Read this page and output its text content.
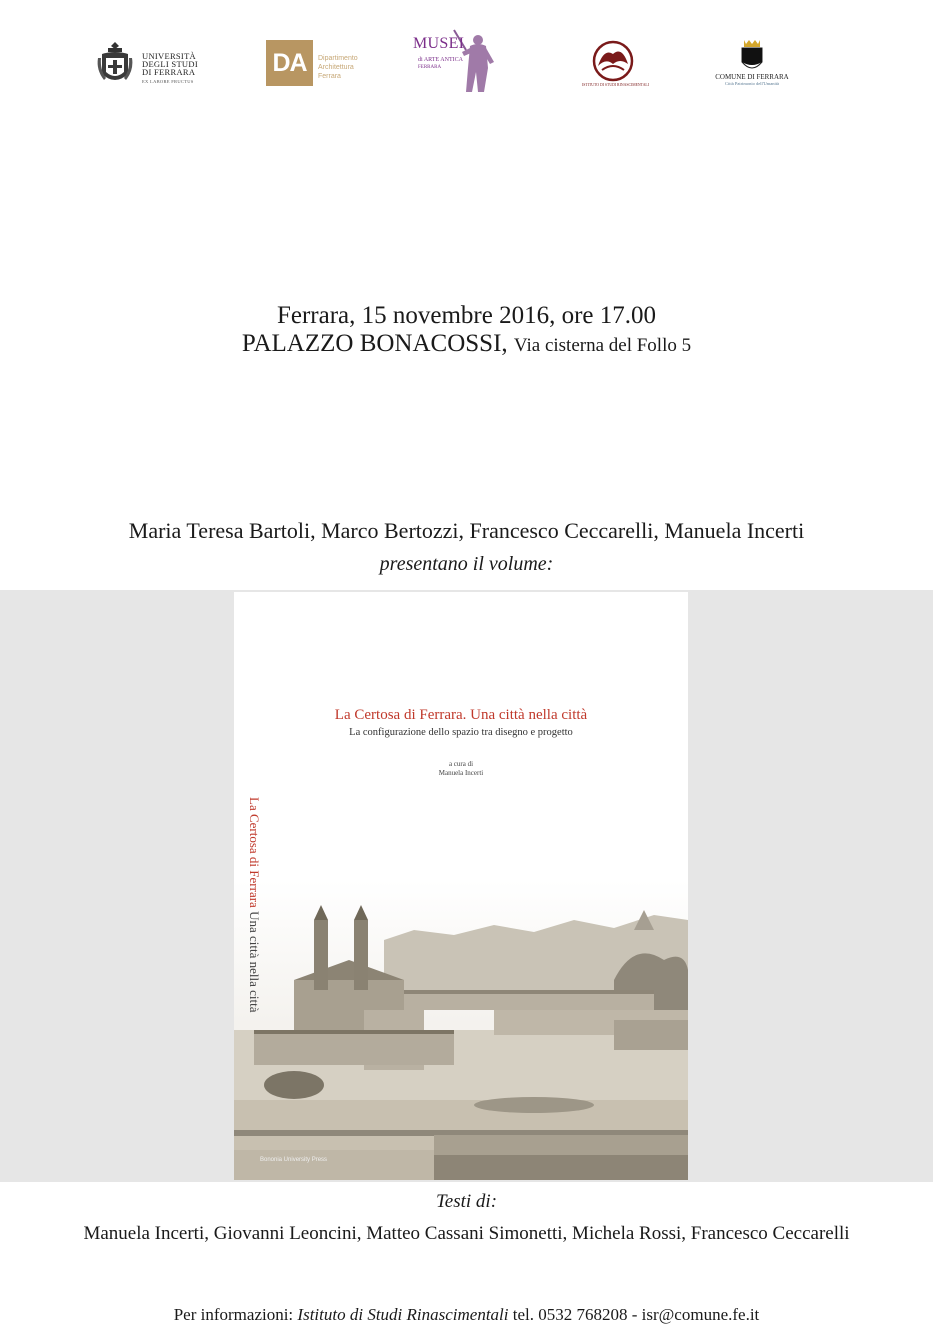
UNIVERSITÀ
DEGLI STUDI
DI FERRARA
EX LABORE FRUCTUS
DA	Dipartimento
Architettura
Ferrara
MUSEI
di ARTE ANTICA
FERRARA
ISTITUTO DI STUDI RINASCIMENTALI
COMUNE DI FERRARA
Città Patrimonio dell'Umanità
Ferrara, 15 novembre 2016, ore 17.00
PALAZZO BONACOSSI, Via cisterna del Follo 5
Maria Teresa Bartoli, Marco Bertozzi, Francesco Ceccarelli, Manuela Incerti
presentano il volume:
La Certosa di Ferrara. Una città nella città
La configurazione dello spazio tra disegno e progetto
a cura di
Manuela Incerti
La Certosa di Ferrara Una città nella città
Bononia University Press
Testi di:
Manuela Incerti, Giovanni Leoncini, Matteo Cassani Simonetti, Michela Rossi, Francesco Ceccarelli
Per informazioni: Istituto di Studi Rinascimentali tel. 0532 768208 - isr@comune.fe.it
